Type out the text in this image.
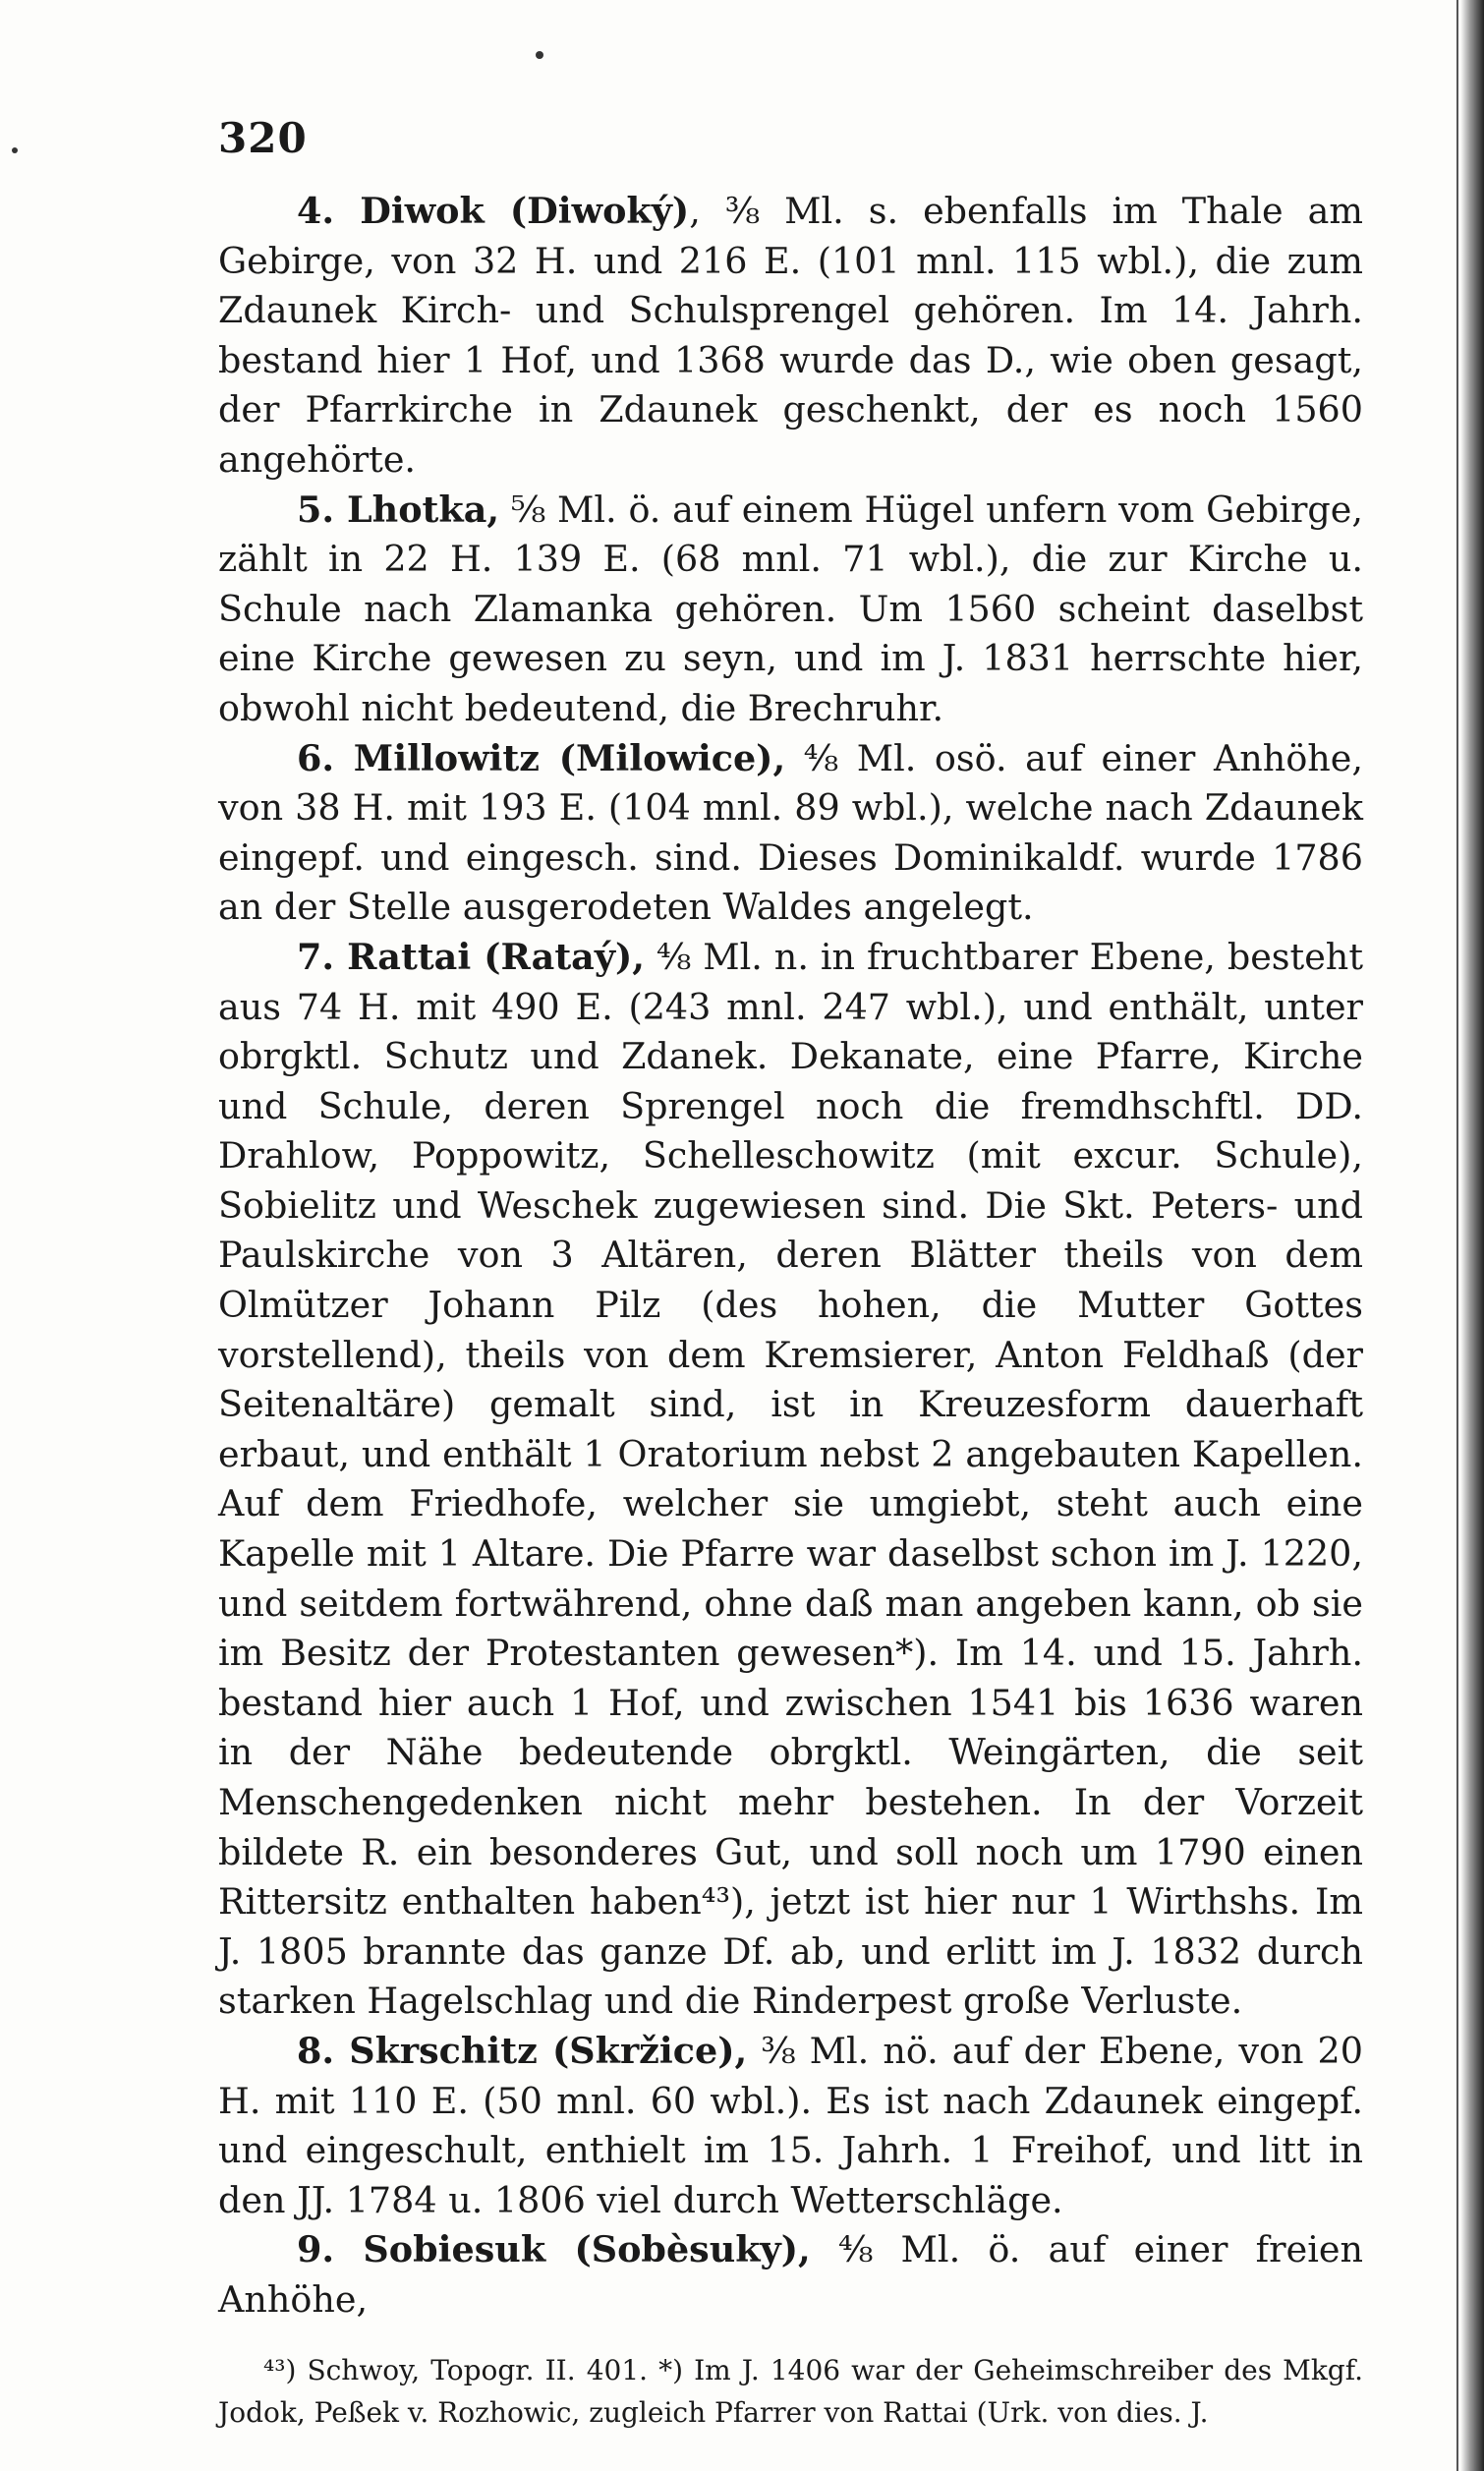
320

4. Diwok (Diwoký), ³⁄₈ Ml. s. ebenfalls im Thale am Gebirge, von 32 H. und 216 E. (101 mnl. 115 wbl.), die zum Zdaunek Kirch- und Schulsprengel gehören. Im 14. Jahrh. bestand hier 1 Hof, und 1368 wurde das D., wie oben gesagt, der Pfarrkirche in Zdaunek geschenkt, der es noch 1560 angehörte.

5. Lhotka, ⁵⁄₈ Ml. ö. auf einem Hügel unfern vom Gebirge, zählt in 22 H. 139 E. (68 mnl. 71 wbl.), die zur Kirche u. Schule nach Zlamanka gehören. Um 1560 scheint daselbst eine Kirche gewesen zu seyn, und im J. 1831 herrschte hier, obwohl nicht bedeutend, die Brechruhr.

6. Millowitz (Milowice), ⁴⁄₈ Ml. osö. auf einer Anhöhe, von 38 H. mit 193 E. (104 mnl. 89 wbl.), welche nach Zdaunek eingepf. und eingesch. sind. Dieses Dominikaldf. wurde 1786 an der Stelle ausgerodeten Waldes angelegt.

7. Rattai (Rataý), ⁴⁄₈ Ml. n. in fruchtbarer Ebene, besteht aus 74 H. mit 490 E. (243 mnl. 247 wbl.), und enthält, unter obrgktl. Schutz und Zdanek. Dekanate, eine Pfarre, Kirche und Schule, deren Sprengel noch die fremdhschftl. DD. Drahlow, Poppowitz, Schelleschowitz (mit excur. Schule), Sobielitz und Weschek zugewiesen sind. Die Skt. Peters- und Paulskirche von 3 Altären, deren Blätter theils von dem Olmützer Johann Pilz (des hohen, die Mutter Gottes vorstellend), theils von dem Kremsierer, Anton Feldhaß (der Seitenaltäre) gemalt sind, ist in Kreuzesform dauerhaft erbaut, und enthält 1 Oratorium nebst 2 angebauten Kapellen. Auf dem Friedhofe, welcher sie umgiebt, steht auch eine Kapelle mit 1 Altare. Die Pfarre war daselbst schon im J. 1220, und seitdem fortwährend, ohne daß man angeben kann, ob sie im Besitz der Protestanten gewesen*). Im 14. und 15. Jahrh. bestand hier auch 1 Hof, und zwischen 1541 bis 1636 waren in der Nähe bedeutende obrgktl. Weingärten, die seit Menschengedenken nicht mehr bestehen. In der Vorzeit bildete R. ein besonderes Gut, und soll noch um 1790 einen Rittersitz enthalten haben⁴³), jetzt ist hier nur 1 Wirthshs. Im J. 1805 brannte das ganze Df. ab, und erlitt im J. 1832 durch starken Hagelschlag und die Rinderpest große Verluste.

8. Skrschitz (Skržice), ³⁄₈ Ml. nö. auf der Ebene, von 20 H. mit 110 E. (50 mnl. 60 wbl.). Es ist nach Zdaunek eingepf. und eingeschult, enthielt im 15. Jahrh. 1 Freihof, und litt in den JJ. 1784 u. 1806 viel durch Wetterschläge.

9. Sobiesuk (Sobèsuky), ⁴⁄₈ Ml. ö. auf einer freien Anhöhe,

⁴³) Schwoy, Topogr. II. 401. *) Im J. 1406 war der Geheimschreiber des Mkgf. Jodok, Peßek v. Rozhowic, zugleich Pfarrer von Rattai (Urk. von dies. J.
